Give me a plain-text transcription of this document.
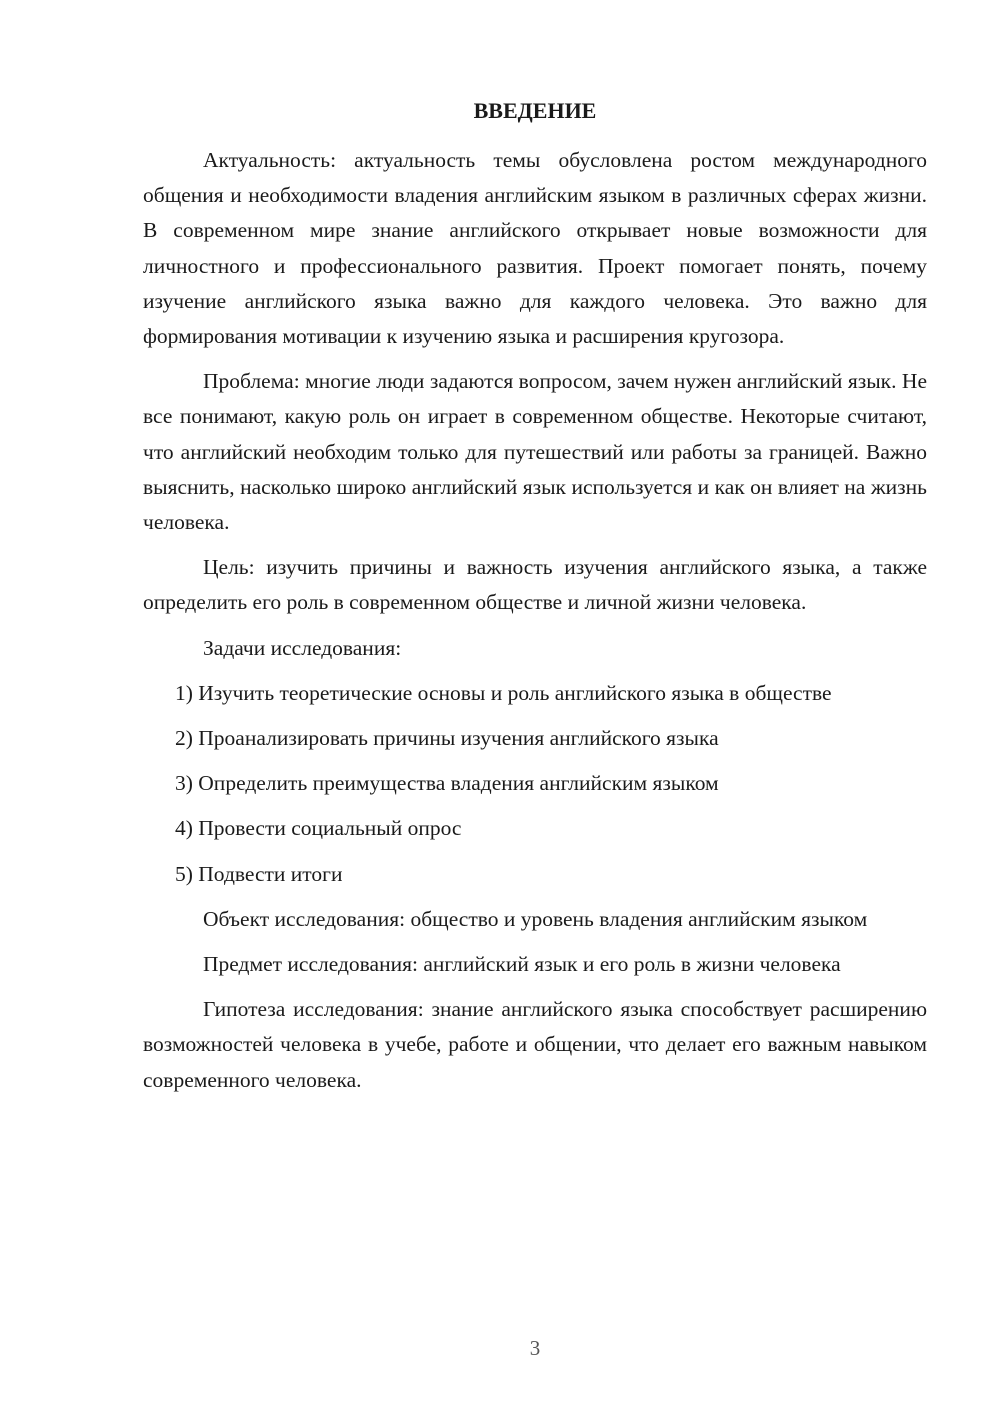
ВВЕДЕНИЕ

Актуальность: актуальность темы обусловлена ростом международного общения и необходимости владения английским языком в различных сферах жизни. В современном мире знание английского открывает новые возможности для личностного и профессионального развития. Проект помогает понять, почему изучение английского языка важно для каждого человека. Это важно для формирования мотивации к изучению языка и расширения кругозора.

Проблема: многие люди задаются вопросом, зачем нужен английский язык. Не все понимают, какую роль он играет в современном обществе. Некоторые считают, что английский необходим только для путешествий или работы за границей. Важно выяснить, насколько широко английский язык используется и как он влияет на жизнь человека.

Цель: изучить причины и важность изучения английского языка, а также определить его роль в современном обществе и личной жизни человека.

Задачи исследования:

1) Изучить теоретические основы и роль английского языка в обществе

2) Проанализировать причины изучения английского языка

3) Определить преимущества владения английским языком

4) Провести социальный опрос

5) Подвести итоги

Объект исследования: общество и уровень владения английским языком

Предмет исследования: английский язык и его роль в жизни человека

Гипотеза исследования: знание английского языка способствует расширению возможностей человека в учебе, работе и общении, что делает его важным навыком современного человека.

3
